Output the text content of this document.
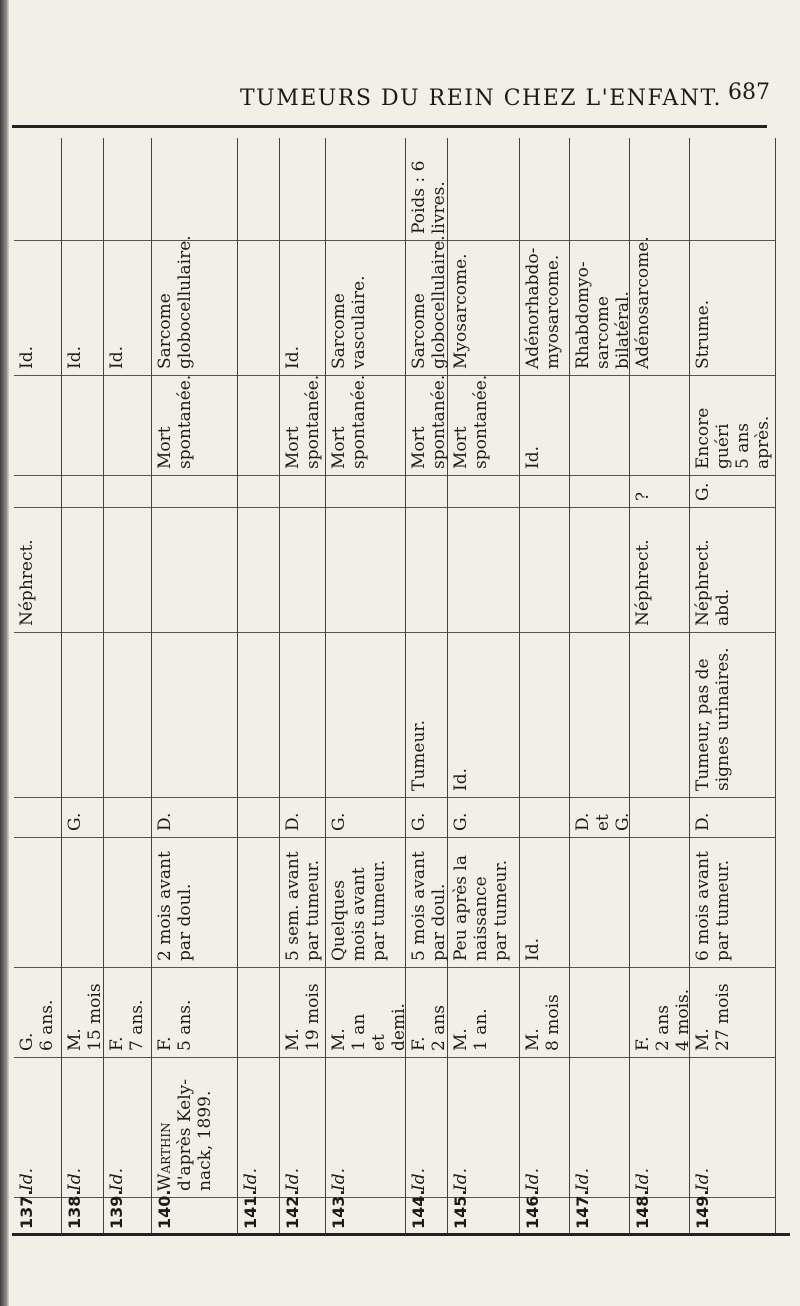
TUMEURS DU REIN CHEZ L'ENFANT. 687
137.
Id.
G. 6 ans.
Néphrect.
Id.
138.
Id.
M. 15 mois
G.
Id.
139.
Id.
F. 7 ans.
Id.
140.
Warthin d'après Kely- nack, 1899.
F. 5 ans.
2 mois avant par doul.
D.
Mort spontanée.
Sarcome globocellulaire.
141.
Id.
142.
Id.
M. 19 mois
5 sem. avant par tumeur.
D.
Mort spontanée.
Id.
143.
Id.
M. 1 an et demi.
Quelques mois avant par tumeur.
G.
Mort spontanée.
Sarcome vasculaire.
144.
Id.
F. 2 ans
5 mois avant par doul.
G.
Tumeur.
Mort spontanée.
Sarcome globocellulaire.
Poids : 6 livres.
145.
Id.
M. 1 an.
Peu après la naissance par tumeur.
G.
Id.
Mort spontanée.
Myosarcome.
146.
Id.
M. 8 mois
Id.
Id.
Adénorhabdo- myosarcome.
147.
Id.
D. et G.
Rhabdomyo- sarcome bilatéral.
148.
Id.
F. 2 ans 4 mois.
Néphrect.
?
Adénosarcome.
149.
Id.
M. 27 mois
6 mois avant par tumeur.
D.
Tumeur, pas de signes urinaires.
Néphrect. abd.
G.
Encore guéri 5 ans après.
Strume.
